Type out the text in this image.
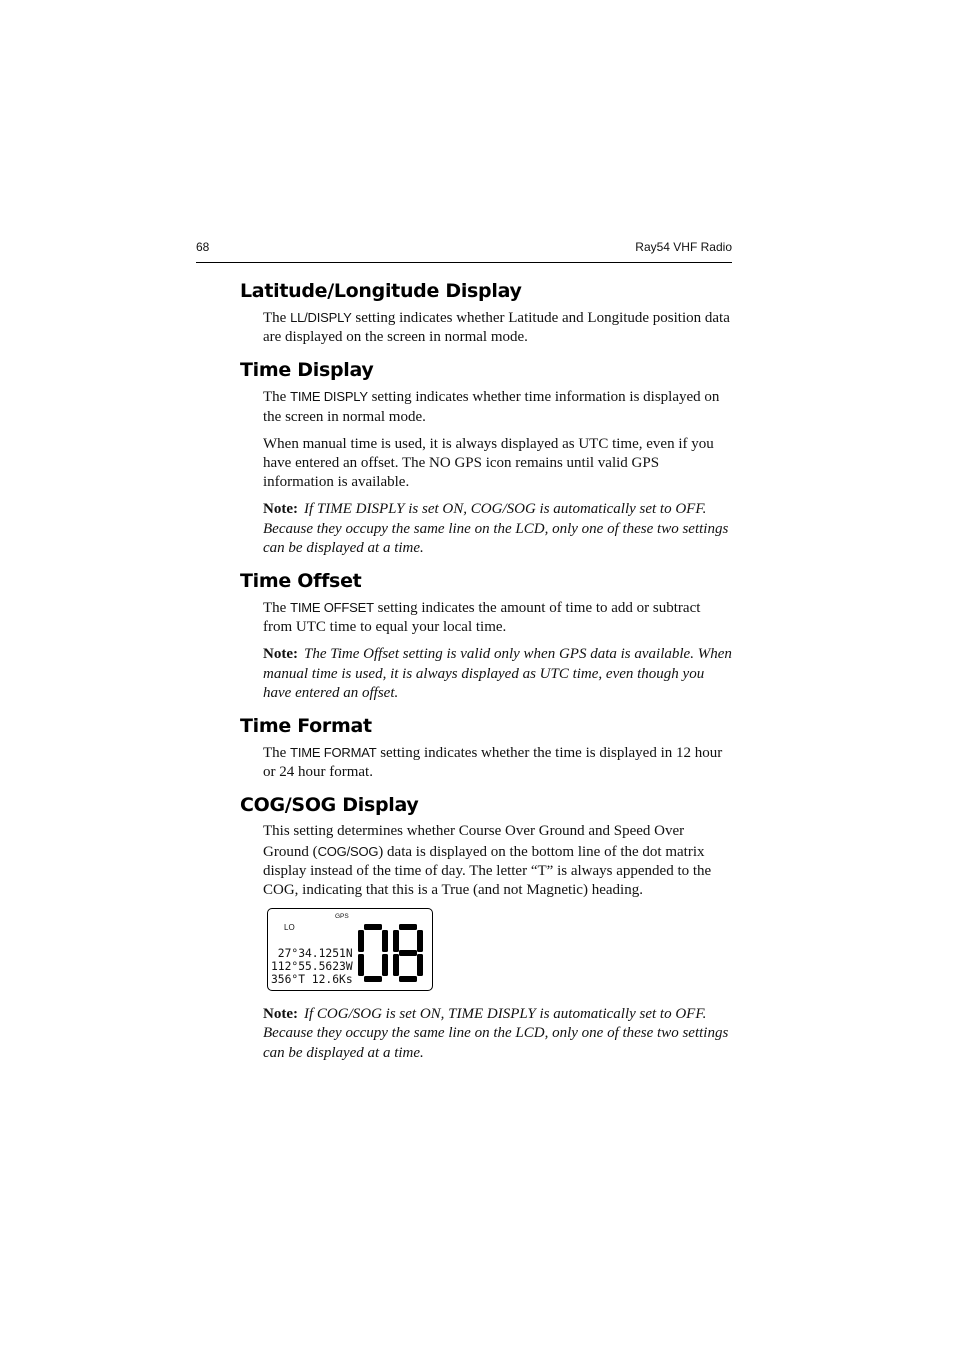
68	Ray54 VHF Radio
Latitude/Longitude Display

The LL/DISPLY setting indicates whether Latitude and Longitude position data are displayed on the screen in normal mode.

Time Display

The TIME DISPLY setting indicates whether time information is displayed on the screen in normal mode.

When manual time is used, it is always displayed as UTC time, even if you have entered an offset. The NO GPS icon remains until valid GPS information is available.

Note: If TIME DISPLY is set ON, COG/SOG is automatically set to OFF. Because they occupy the same line on the LCD, only one of these two settings can be displayed at a time.

Time Offset

The TIME OFFSET setting indicates the amount of time to add or subtract from UTC time to equal your local time.

Note: The Time Offset setting is valid only when GPS data is available. When manual time is used, it is always displayed as UTC time, even though you have entered an offset.

Time Format

The TIME FORMAT setting indicates whether the time is displayed in 12 hour or 24 hour format.

COG/SOG Display

This setting determines whether Course Over Ground and Speed Over Ground (COG/SOG) data is displayed on the bottom line of the dot matrix display instead of the time of day. The letter “T” is always appended to the COG, indicating that this is a True (and not Magnetic) heading.

LO
GPS
27°34.1251N
112°55.5623W
356°T 12.6Ks

Note: If COG/SOG is set ON, TIME DISPLY is automatically set to OFF. Because they occupy the same line on the LCD, only one of these two settings can be displayed at a time.
